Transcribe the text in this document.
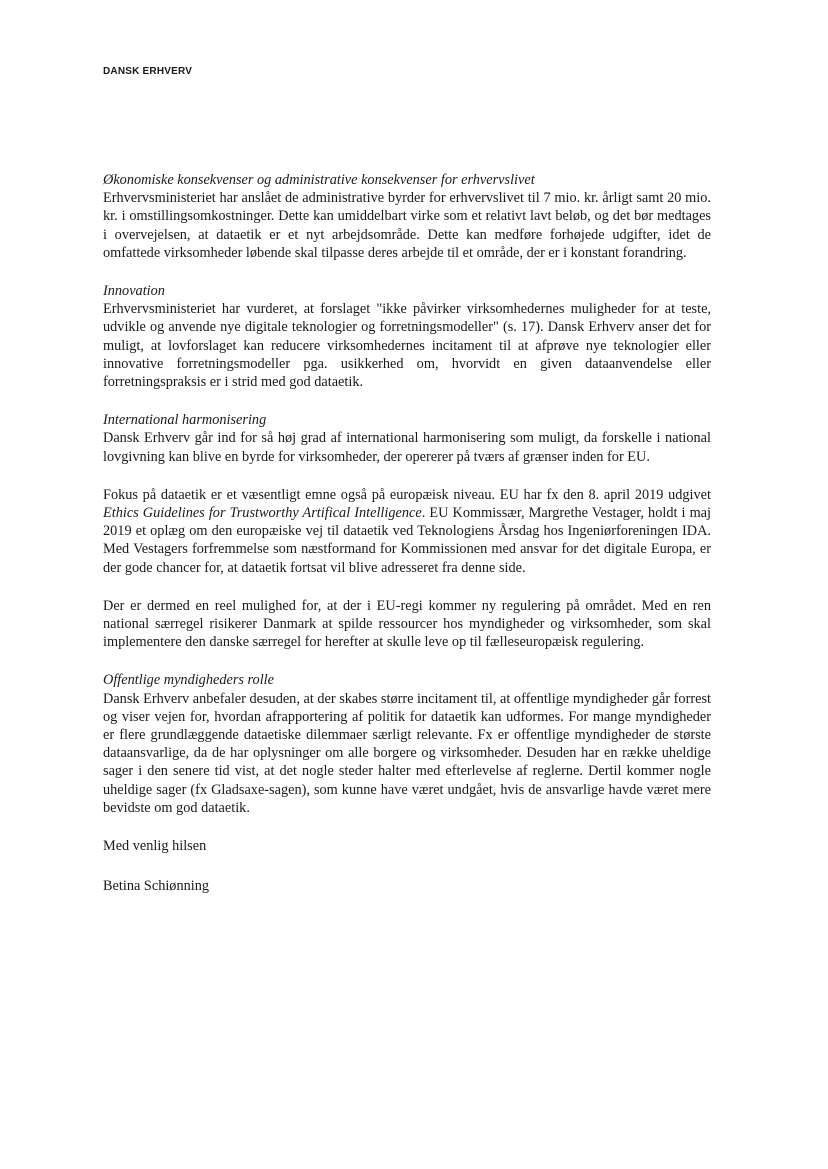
DANSK ERHVERV
Økonomiske konsekvenser og administrative konsekvenser for erhvervslivet

Erhvervsministeriet har anslået de administrative byrder for erhvervslivet til 7 mio. kr. årligt samt 20 mio. kr. i omstillingsomkostninger. Dette kan umiddelbart virke som et relativt lavt beløb, og det bør medtages i overvejelsen, at dataetik er et nyt arbejdsområde. Dette kan medføre forhøjede udgifter, idet de omfattede virksomheder løbende skal tilpasse deres arbejde til et område, der er i konstant forandring.

Innovation

Erhvervsministeriet har vurderet, at forslaget "ikke påvirker virksomhedernes muligheder for at teste, udvikle og anvende nye digitale teknologier og forretningsmodeller" (s. 17). Dansk Erhverv anser det for muligt, at lovforslaget kan reducere virksomhedernes incitament til at afprøve nye teknologier eller innovative forretningsmodeller pga. usikkerhed om, hvorvidt en given dataanvendelse eller forretningspraksis er i strid med god dataetik.

International harmonisering

Dansk Erhverv går ind for så høj grad af international harmonisering som muligt, da forskelle i national lovgivning kan blive en byrde for virksomheder, der opererer på tværs af grænser inden for EU.

Fokus på dataetik er et væsentligt emne også på europæisk niveau. EU har fx den 8. april 2019 udgivet Ethics Guidelines for Trustworthy Artifical Intelligence. EU Kommissær, Margrethe Vestager, holdt i maj 2019 et oplæg om den europæiske vej til dataetik ved Teknologiens Årsdag hos Ingeniørforeningen IDA. Med Vestagers forfremmelse som næstformand for Kommissionen med ansvar for det digitale Europa, er der gode chancer for, at dataetik fortsat vil blive adresseret fra denne side.

Der er dermed en reel mulighed for, at der i EU-regi kommer ny regulering på området. Med en ren national særregel risikerer Danmark at spilde ressourcer hos myndigheder og virksomheder, som skal implementere den danske særregel for herefter at skulle leve op til fælleseuropæisk regulering.

Offentlige myndigheders rolle

Dansk Erhverv anbefaler desuden, at der skabes større incitament til, at offentlige myndigheder går forrest og viser vejen for, hvordan afrapportering af politik for dataetik kan udformes. For mange myndigheder er flere grundlæggende dataetiske dilemmaer særligt relevante. Fx er offentlige myndigheder de største dataansvarlige, da de har oplysninger om alle borgere og virksomheder. Desuden har en række uheldige sager i den senere tid vist, at det nogle steder halter med efterlevelse af reglerne. Dertil kommer nogle uheldige sager (fx Gladsaxe-sagen), som kunne have været undgået, hvis de ansvarlige havde været mere bevidste om god dataetik.

Med venlig hilsen
Betina Schiønning
